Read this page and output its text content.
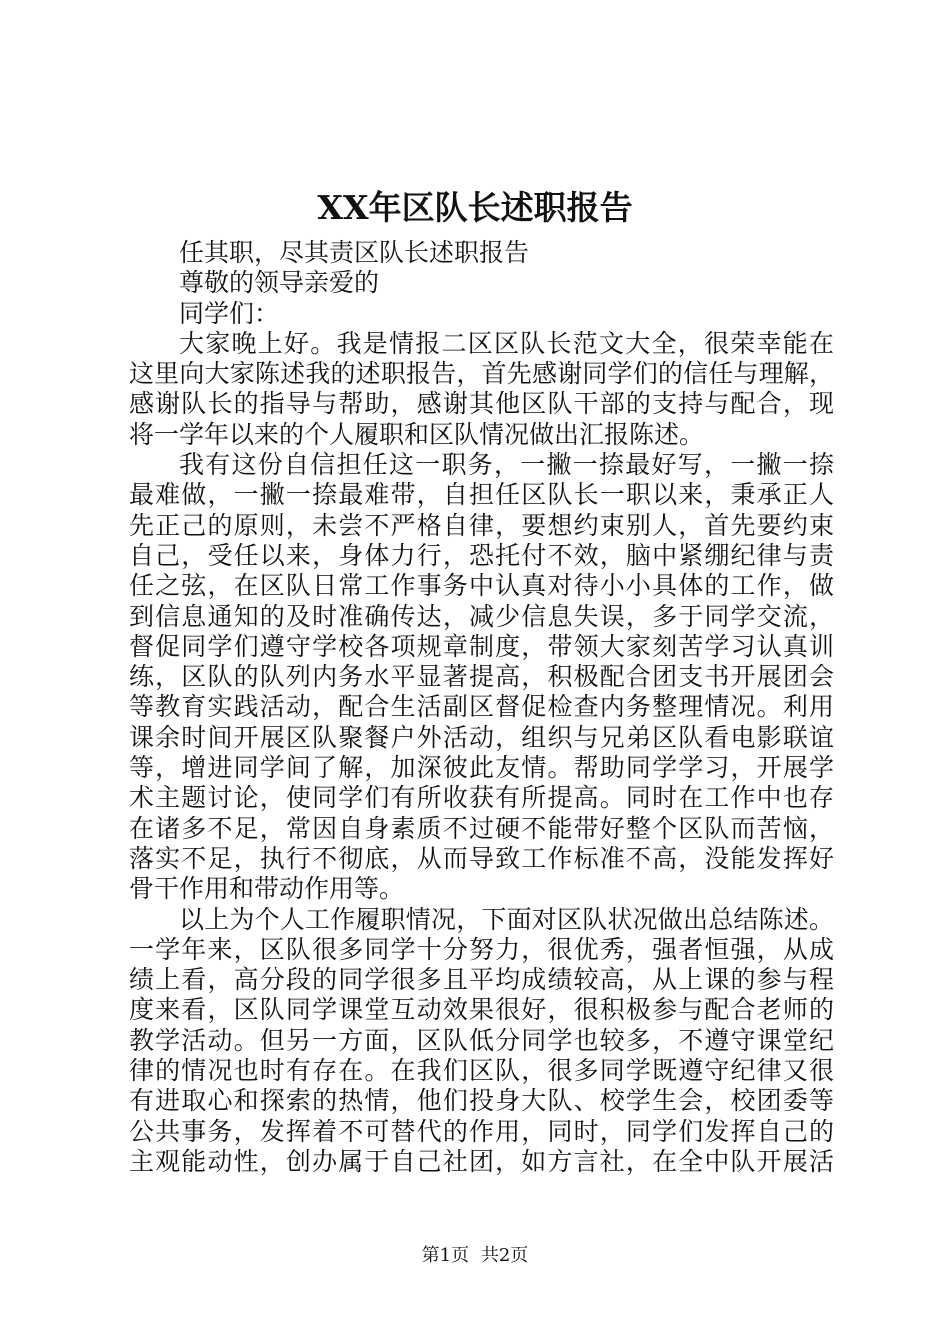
XX年区队长述职报告

任其职，尽其责区队长述职报告

尊敬的领导亲爱的

同学们：

大家晚上好。我是情报二区区队长范文大全，很荣幸能在

这里向大家陈述我的述职报告，首先感谢同学们的信任与理解，

感谢队长的指导与帮助，感谢其他区队干部的支持与配合，现

将一学年以来的个人履职和区队情况做出汇报陈述。

我有这份自信担任这一职务，一撇一捺最好写，一撇一捺

最难做，一撇一捺最难带，自担任区队长一职以来，秉承正人

先正己的原则，未尝不严格自律，要想约束别人，首先要约束

自己，受任以来，身体力行，恐托付不效，脑中紧绷纪律与责

任之弦，在区队日常工作事务中认真对待小小具体的工作，做

到信息通知的及时准确传达，减少信息失误，多于同学交流，

督促同学们遵守学校各项规章制度，带领大家刻苦学习认真训

练，区队的队列内务水平显著提高，积极配合团支书开展团会

等教育实践活动，配合生活副区督促检查内务整理情况。利用

课余时间开展区队聚餐户外活动，组织与兄弟区队看电影联谊

等，增进同学间了解，加深彼此友情。帮助同学学习，开展学

术主题讨论，使同学们有所收获有所提高。同时在工作中也存

在诸多不足，常因自身素质不过硬不能带好整个区队而苦恼，

落实不足，执行不彻底，从而导致工作标准不高，没能发挥好

骨干作用和带动作用等。

以上为个人工作履职情况，下面对区队状况做出总结陈述。

一学年来，区队很多同学十分努力，很优秀，强者恒强，从成

绩上看，高分段的同学很多且平均成绩较高，从上课的参与程

度来看，区队同学课堂互动效果很好，很积极参与配合老师的

教学活动。但另一方面，区队低分同学也较多，不遵守课堂纪

律的情况也时有存在。在我们区队，很多同学既遵守纪律又很

有进取心和探索的热情，他们投身大队、校学生会，校团委等

公共事务，发挥着不可替代的作用，同时，同学们发挥自己的

主观能动性，创办属于自己社团，如方言社，在全中队开展活

第1页 共2页
